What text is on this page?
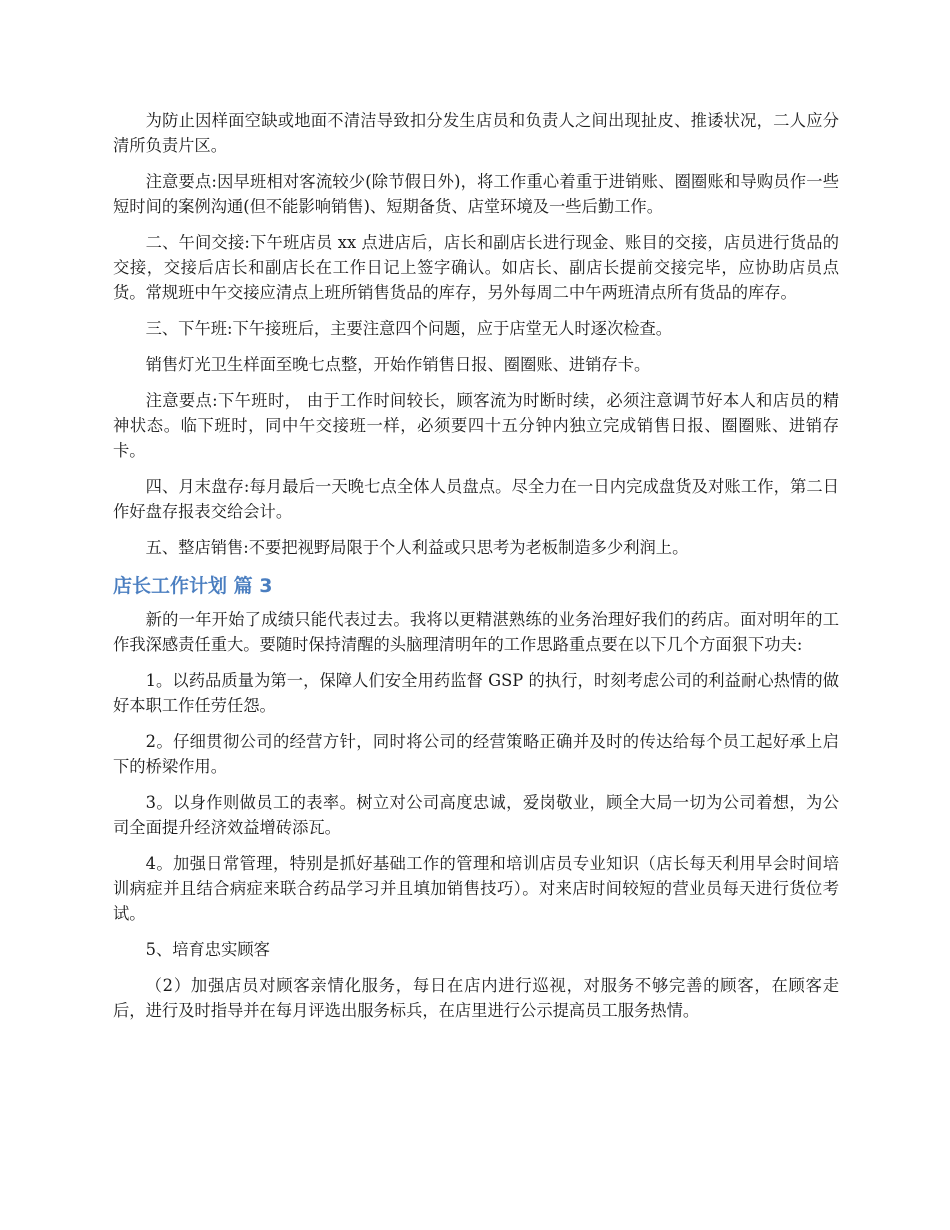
为防止因样面空缺或地面不清洁导致扣分发生店员和负责人之间出现扯皮、推诿状况，二人应分清所负责片区。

注意要点:因早班相对客流较少(除节假日外)，将工作重心着重于进销账、圈圈账和导购员作一些短时间的案例沟通(但不能影响销售)、短期备货、店堂环境及一些后勤工作。

二、午间交接:下午班店员 xx 点进店后，店长和副店长进行现金、账目的交接，店员进行货品的交接，交接后店长和副店长在工作日记上签字确认。如店长、副店长提前交接完毕，应协助店员点货。常规班中午交接应清点上班所销售货品的库存，另外每周二中午两班清点所有货品的库存。

三、下午班:下午接班后，主要注意四个问题，应于店堂无人时逐次检查。

销售灯光卫生样面至晚七点整，开始作销售日报、圈圈账、进销存卡。

注意要点:下午班时， 由于工作时间较长，顾客流为时断时续，必须注意调节好本人和店员的精神状态。临下班时，同中午交接班一样，必须要四十五分钟内独立完成销售日报、圈圈账、进销存卡。

四、月末盘存:每月最后一天晚七点全体人员盘点。尽全力在一日内完成盘货及对账工作，第二日作好盘存报表交给会计。

五、整店销售:不要把视野局限于个人利益或只思考为老板制造多少利润上。

店长工作计划 篇 3

新的一年开始了成绩只能代表过去。我将以更精湛熟练的业务治理好我们的药店。面对明年的工作我深感责任重大。要随时保持清醒的头脑理清明年的工作思路重点要在以下几个方面狠下功夫:

1。以药品质量为第一，保障人们安全用药监督 GSP 的执行，时刻考虑公司的利益耐心热情的做好本职工作任劳任怨。

2。仔细贯彻公司的经营方针，同时将公司的经营策略正确并及时的传达给每个员工起好承上启下的桥梁作用。

3。以身作则做员工的表率。树立对公司高度忠诚，爱岗敬业，顾全大局一切为公司着想，为公司全面提升经济效益增砖添瓦。

4。加强日常管理，特别是抓好基础工作的管理和培训店员专业知识（店长每天利用早会时间培训病症并且结合病症来联合药品学习并且填加销售技巧）。对来店时间较短的营业员每天进行货位考试。

5、培育忠实顾客

（2）加强店员对顾客亲情化服务，每日在店内进行巡视，对服务不够完善的顾客，在顾客走后，进行及时指导并在每月评选出服务标兵，在店里进行公示提高员工服务热情。
